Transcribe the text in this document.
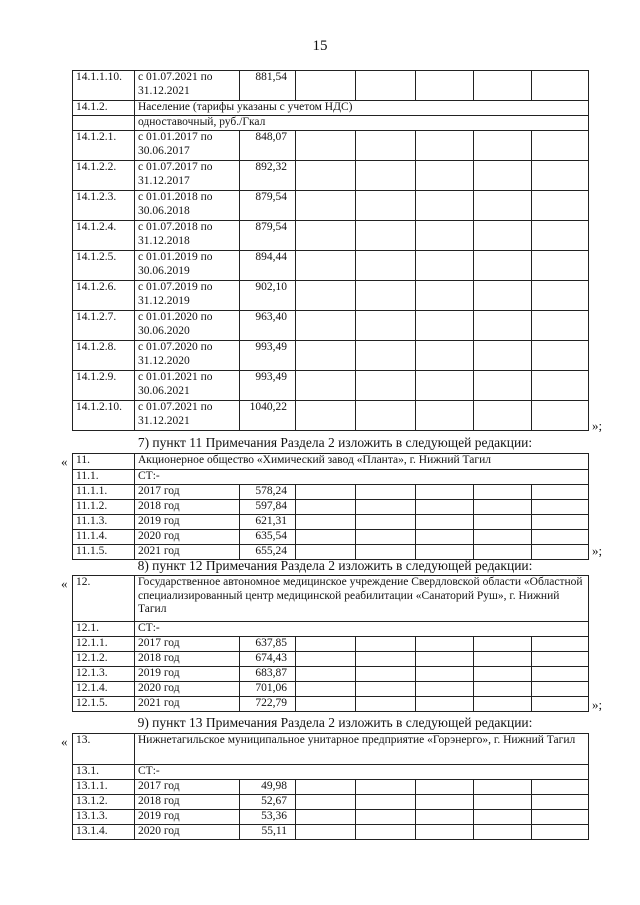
15
14.1.1.10.	с 01.07.2021 по 31.12.2021	881,54					
14.1.2.	Население (тарифы указаны с учетом НДС)						
	одноставочный, руб./Гкал						
14.1.2.1.	с 01.01.2017 по 30.06.2017	848,07					
14.1.2.2.	с 01.07.2017 по 31.12.2017	892,32					
14.1.2.3.	с 01.01.2018 по 30.06.2018	879,54					
14.1.2.4.	с 01.07.2018 по 31.12.2018	879,54					
14.1.2.5.	с 01.01.2019 по 30.06.2019	894,44					
14.1.2.6.	с 01.07.2019 по 31.12.2019	902,10					
14.1.2.7.	с 01.01.2020 по 30.06.2020	963,40					
14.1.2.8.	с 01.07.2020 по 31.12.2020	993,49					
14.1.2.9.	с 01.01.2021 по 30.06.2021	993,49					
14.1.2.10.	с 01.07.2021 по 31.12.2021	1040,22					
»;
7) пункт 11 Примечания Раздела 2 изложить в следующей редакции:
« 11.	Акционерное общество «Химический завод «Планта», г. Нижний Тагил						
11.1.	СТ:-						
11.1.1.	2017 год	578,24					
11.1.2.	2018 год	597,84					
11.1.3.	2019 год	621,31					
11.1.4.	2020 год	635,54					
11.1.5.	2021 год	655,24						»;
8) пункт 12 Примечания Раздела 2 изложить в следующей редакции:
« 12.	Государственное автономное медицинское учреждение Свердловской области «Областной специализированный центр медицинской реабилитации «Санаторий Руш», г. Нижний Тагил						
12.1.	СТ:-						
12.1.1.	2017 год	637,85					
12.1.2.	2018 год	674,43					
12.1.3.	2019 год	683,87					
12.1.4.	2020 год	701,06					
12.1.5.	2021 год	722,79						»;
9) пункт 13 Примечания Раздела 2 изложить в следующей редакции:
« 13.	Нижнетагильское муниципальное унитарное предприятие «Горэнерго», г. Нижний Тагил						
13.1.	СТ:-						
13.1.1.	2017 год	49,98					
13.1.2.	2018 год	52,67					
13.1.3.	2019 год	53,36					
13.1.4.	2020 год	55,11					
